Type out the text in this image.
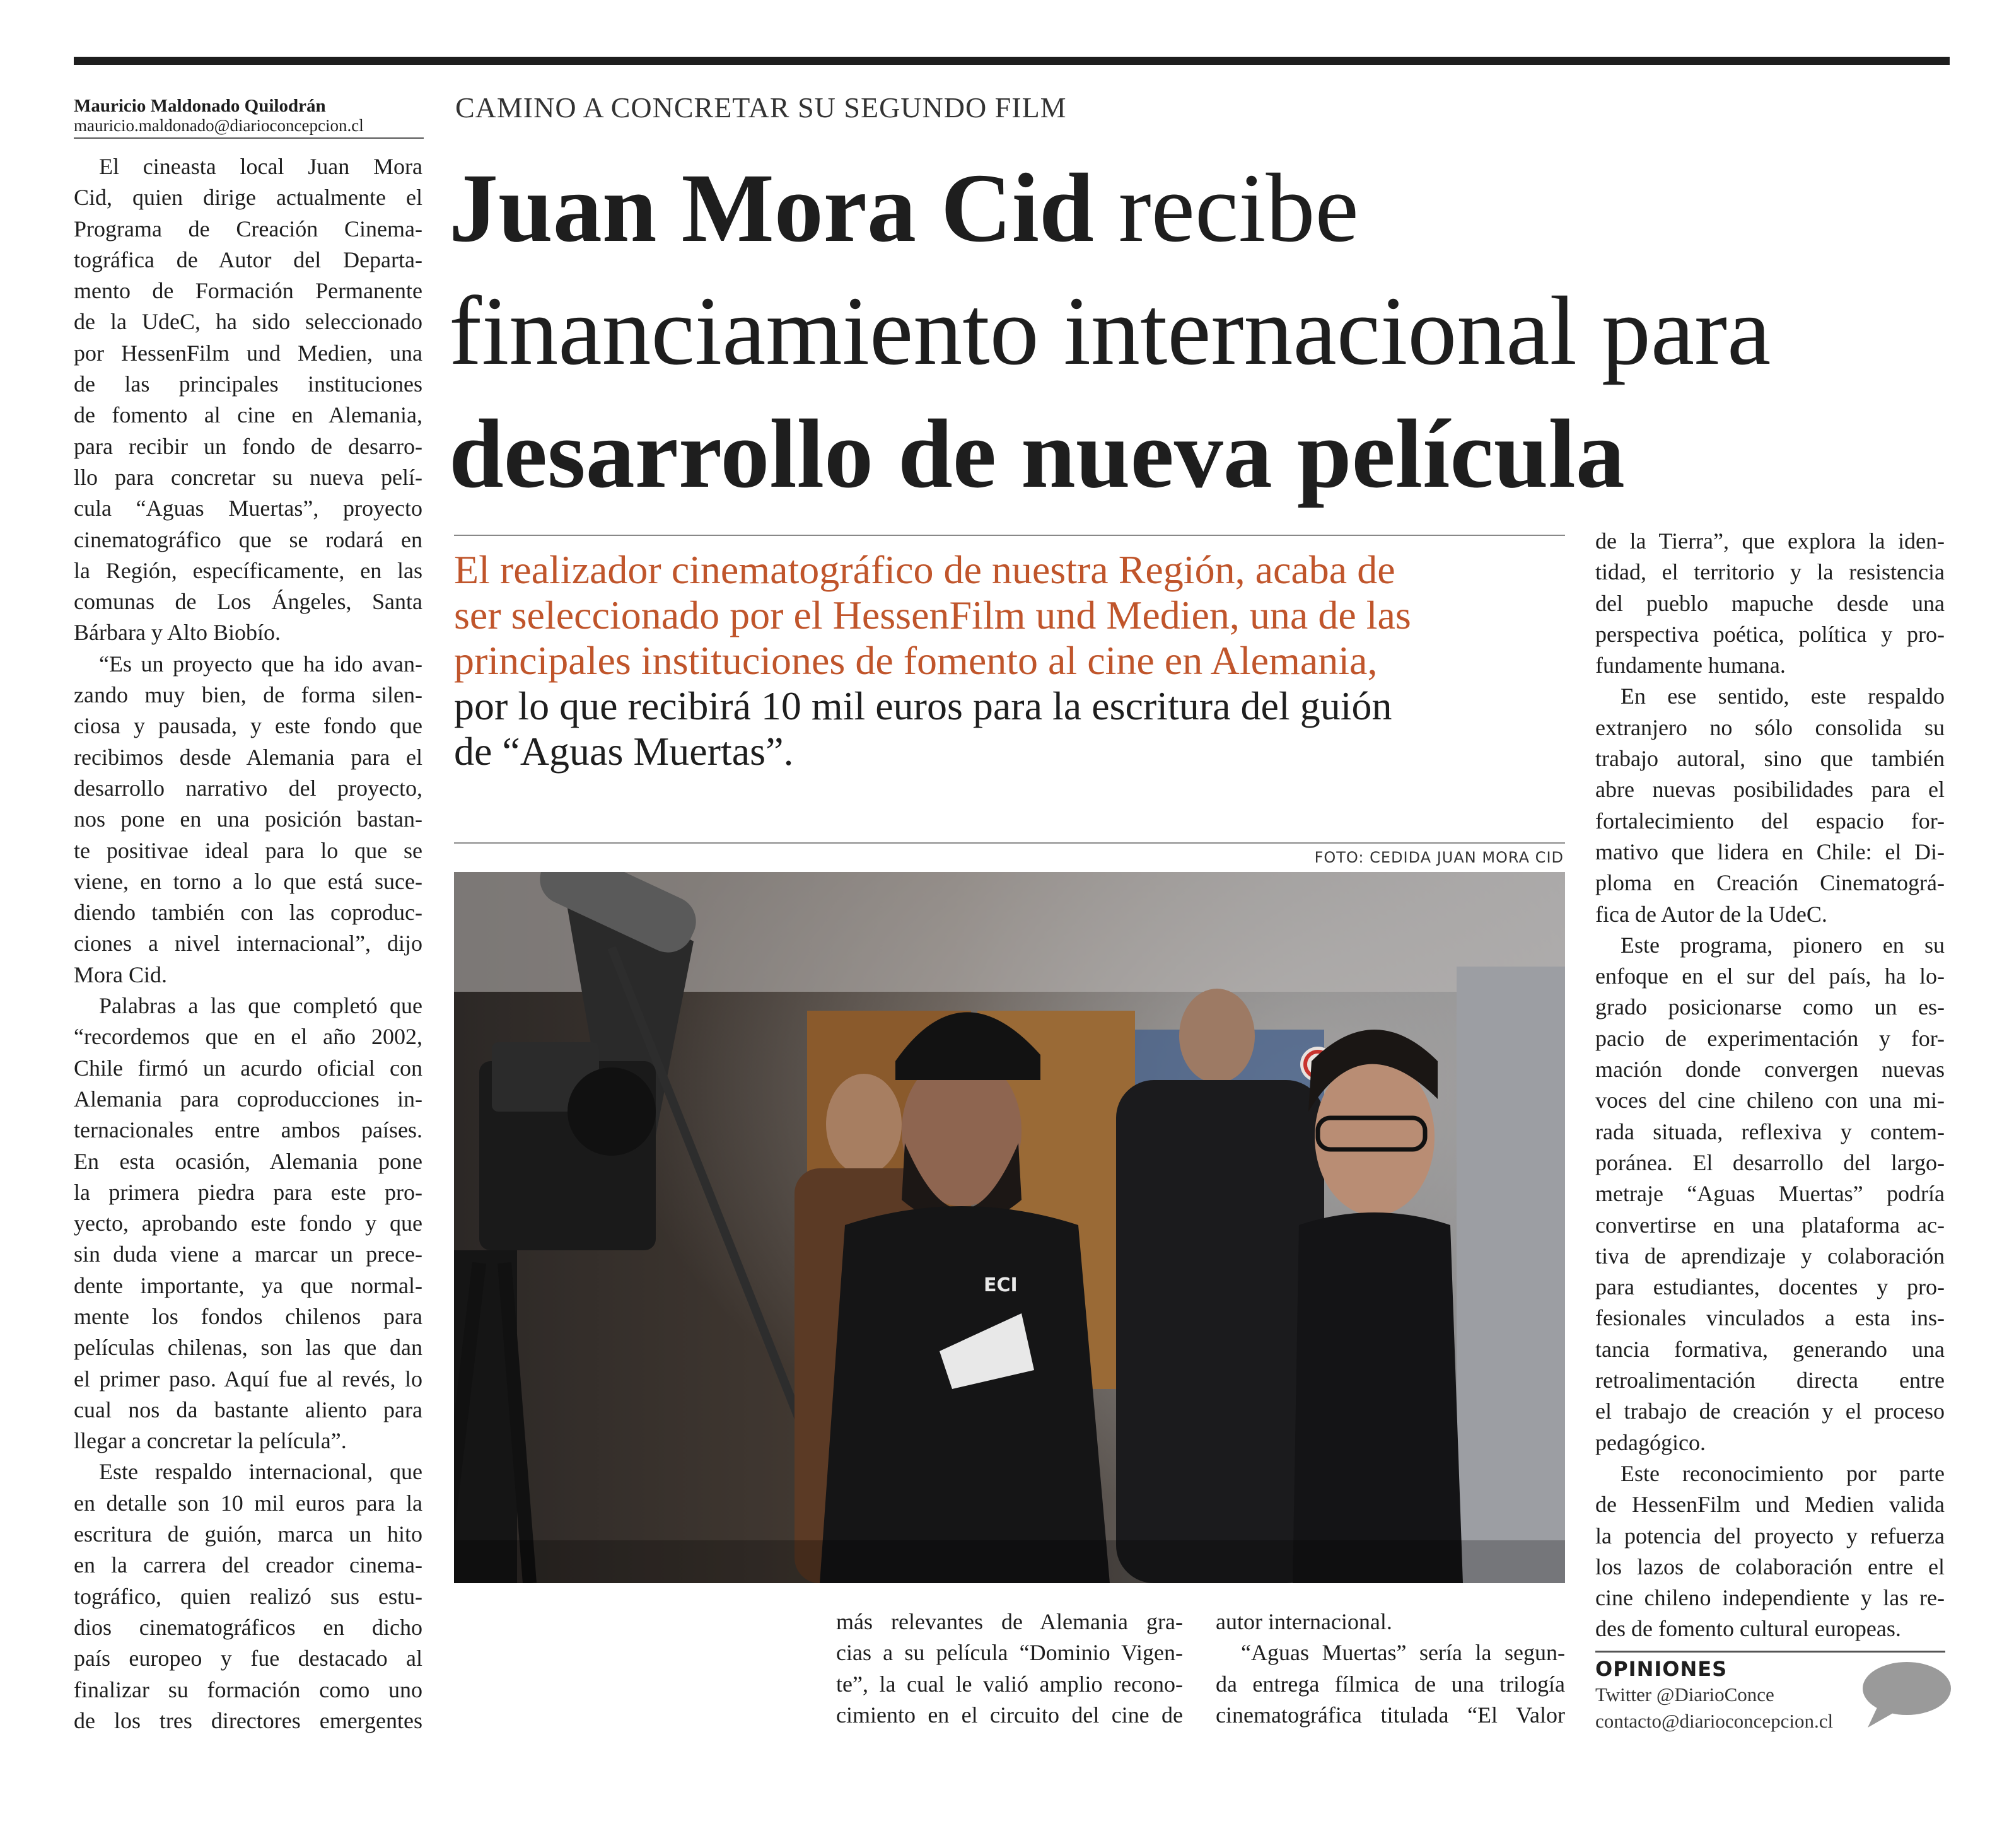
Mauricio Maldonado Quilodrán
mauricio.maldonado@diarioconcepcion.cl
CAMINO A CONCRETAR SU SEGUNDO FILM
Juan Mora Cid recibe
financiamiento internacional para
desarrollo de nueva película
El realizador cinematográfico de nuestra Región, acaba de
ser seleccionado por el HessenFilm und Medien, una de las
principales instituciones de fomento al cine en Alemania,
por lo que recibirá 10 mil euros para la escritura del guión
de “Aguas Muertas”.
FOTO: CEDIDA JUAN MORA CID
ECI
El cineasta local Juan Mora
Cid, quien dirige actualmente el
Programa de Creación Cinema-
tográfica de Autor del Departa-
mento de Formación Permanente
de la UdeC, ha sido seleccionado
por HessenFilm und Medien, una
de las principales instituciones
de fomento al cine en Alemania,
para recibir un fondo de desarro-
llo para concretar su nueva pelí-
cula “Aguas Muertas”, proyecto
cinematográfico que se rodará en
la Región, específicamente, en las
comunas de Los Ángeles, Santa
Bárbara y Alto Biobío.
“Es un proyecto que ha ido avan-
zando muy bien, de forma silen-
ciosa y pausada, y este fondo que
recibimos desde Alemania para el
desarrollo narrativo del proyecto,
nos pone en una posición bastan-
te positivae ideal para lo que se
viene, en torno a lo que está suce-
diendo también con las coproduc-
ciones a nivel internacional”, dijo
Mora Cid.
Palabras a las que completó que
“recordemos que en el año 2002,
Chile firmó un acurdo oficial con
Alemania para coproducciones in-
ternacionales entre ambos países.
En esta ocasión, Alemania pone
la primera piedra para este pro-
yecto, aprobando este fondo y que
sin duda viene a marcar un prece-
dente importante, ya que normal-
mente los fondos chilenos para
películas chilenas, son las que dan
el primer paso. Aquí fue al revés, lo
cual nos da bastante aliento para
llegar a concretar la película”.
Este respaldo internacional, que
en detalle son 10 mil euros para la
escritura de guión, marca un hito
en la carrera del creador cinema-
tográfico, quien realizó sus estu-
dios cinematográficos en dicho
país europeo y fue destacado al
finalizar su formación como uno
de los tres directores emergentes
más relevantes de Alemania gra-
cias a su película “Dominio Vigen-
te”, la cual le valió amplio recono-
cimiento en el circuito del cine de
autor internacional.
“Aguas Muertas” sería la segun-
da entrega fílmica de una trilogía
cinematográfica titulada “El Valor
de la Tierra”, que explora la iden-
tidad, el territorio y la resistencia
del pueblo mapuche desde una
perspectiva poética, política y pro-
fundamente humana.
En ese sentido, este respaldo
extranjero no sólo consolida su
trabajo autoral, sino que también
abre nuevas posibilidades para el
fortalecimiento del espacio for-
mativo que lidera en Chile: el Di-
ploma en Creación Cinematográ-
fica de Autor de la UdeC.
Este programa, pionero en su
enfoque en el sur del país, ha lo-
grado posicionarse como un es-
pacio de experimentación y for-
mación donde convergen nuevas
voces del cine chileno con una mi-
rada situada, reflexiva y contem-
poránea. El desarrollo del largo-
metraje “Aguas Muertas” podría
convertirse en una plataforma ac-
tiva de aprendizaje y colaboración
para estudiantes, docentes y pro-
fesionales vinculados a esta ins-
tancia formativa, generando una
retroalimentación directa entre
el trabajo de creación y el proceso
pedagógico.
Este reconocimiento por parte
de HessenFilm und Medien valida
la potencia del proyecto y refuerza
los lazos de colaboración entre el
cine chileno independiente y las re-
des de fomento cultural europeas.
OPINIONES
Twitter @DiarioConce
contacto@diarioconcepcion.cl
